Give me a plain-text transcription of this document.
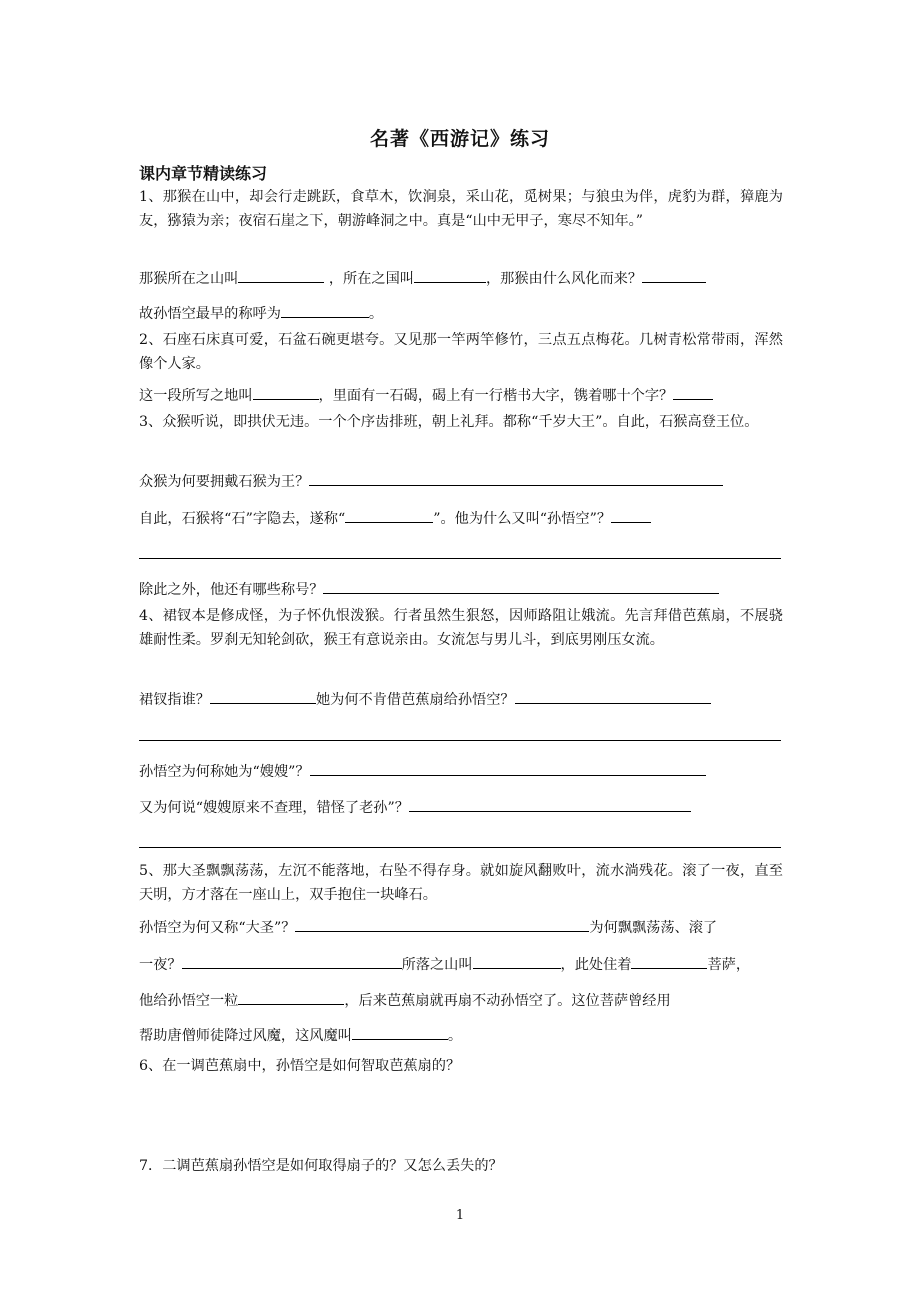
名著《西游记》练习
课内章节精读练习
1、那猴在山中，却会行走跳跃，食草木，饮涧泉，采山花，觅树果；与狼虫为伴，虎豹为群，獐鹿为友，猕猿为亲；夜宿石崖之下，朝游峰洞之中。真是“山中无甲子，寒尽不知年。”
那猴所在之山叫	，所在之国叫	，那猴由什么风化而来？
故孙悟空最早的称呼为	。
2、石座石床真可爱，石盆石碗更堪夸。又见那一竿两竿修竹，三点五点梅花。几树青松常带雨，浑然像个人家。
这一段所写之地叫	，里面有一石碣，碣上有一行楷书大字，镌着哪十个字？
3、众猴听说，即拱伏无违。一个个序齿排班，朝上礼拜。都称“千岁大王”。自此，石猴高登王位。
众猴为何要拥戴石猴为王？
自此，石猴将“石”字隐去，遂称“	”。他为什么又叫“孙悟空”？
除此之外，他还有哪些称号？
4、裙钗本是修成怪，为子怀仇恨泼猴。行者虽然生狠怒，因师路阻让娥流。先言拜借芭蕉扇，不展骁雄耐性柔。罗刹无知轮剑砍，猴王有意说亲由。女流怎与男儿斗，到底男刚压女流。
裙钗指谁？	她为何不肯借芭蕉扇给孙悟空？
孙悟空为何称她为“嫂嫂”？
又为何说“嫂嫂原来不查理，错怪了老孙”？
5、那大圣飘飘荡荡，左沉不能落地，右坠不得存身。就如旋风翻败叶，流水淌残花。滚了一夜，直至天明，方才落在一座山上，双手抱住一块峰石。
孙悟空为何又称“大圣”？	为何飘飘荡荡、滚了
一夜？	所落之山叫	，此处住着	菩萨，
他给孙悟空一粒	，后来芭蕉扇就再扇不动孙悟空了。这位菩萨曾经用
帮助唐僧师徒降过风魔，这风魔叫	。
6、在一调芭蕉扇中，孙悟空是如何智取芭蕉扇的？
7．二调芭蕉扇孙悟空是如何取得扇子的？又怎么丢失的？
1
